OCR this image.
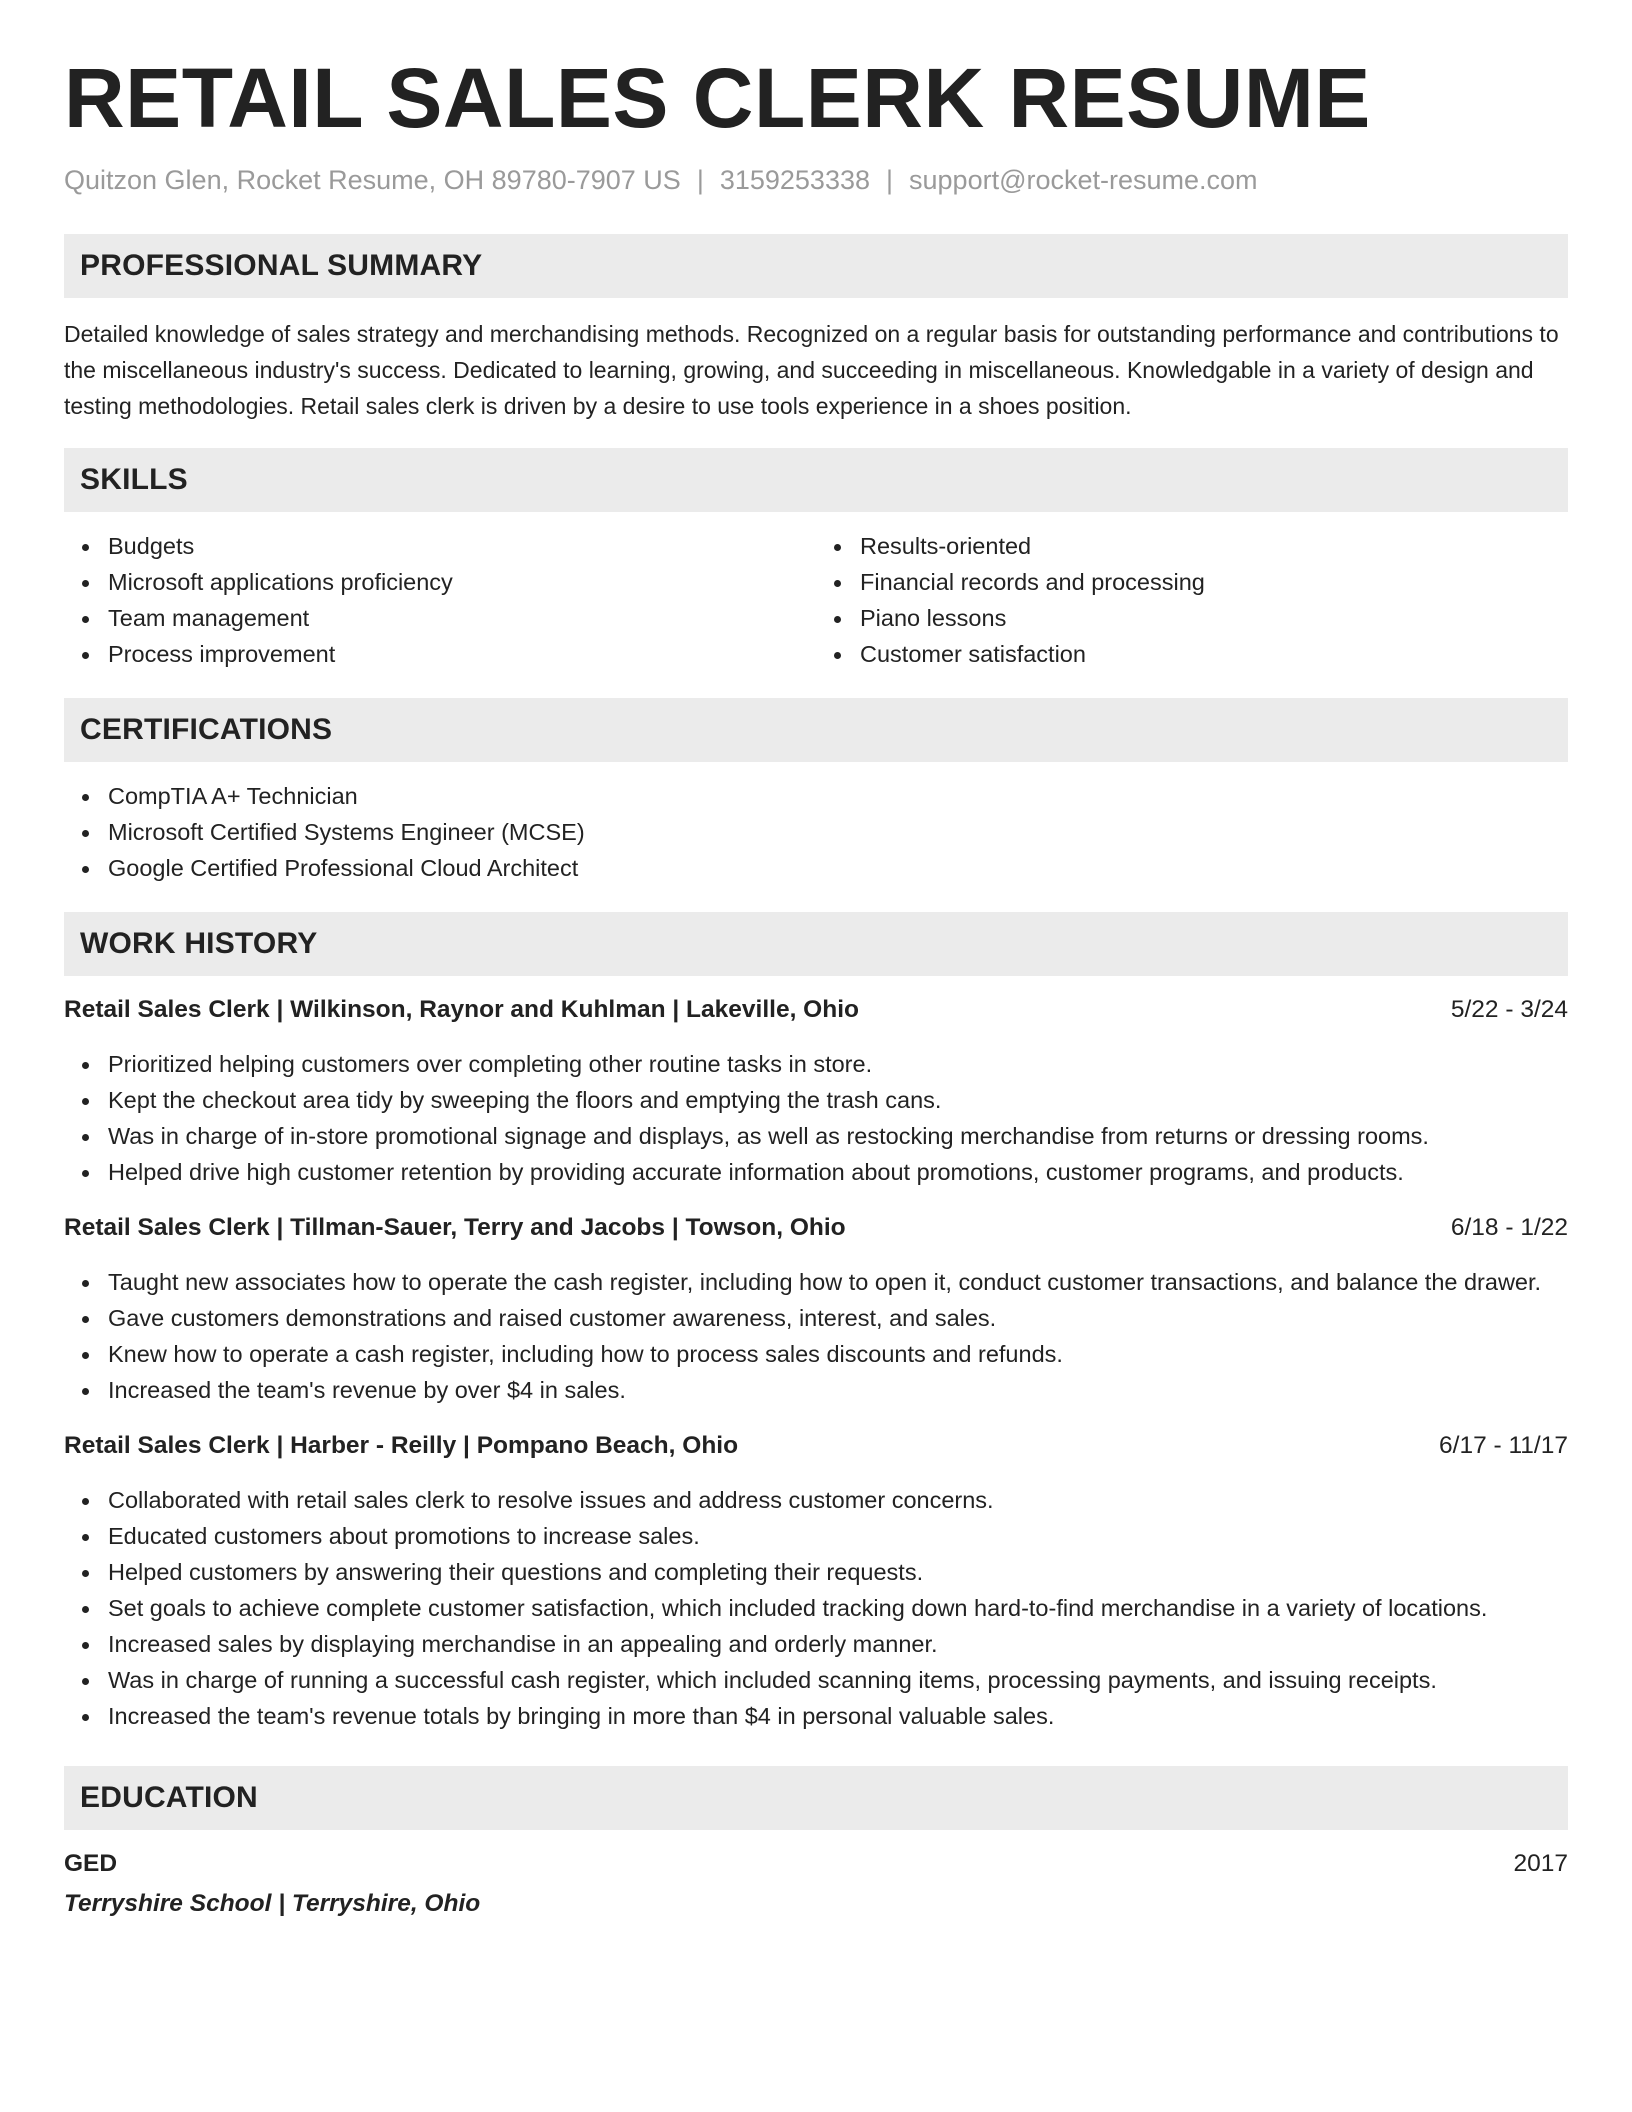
RETAIL SALES CLERK RESUME
Quitzon Glen, Rocket Resume, OH 89780-7907 US | 3159253338 | support@rocket-resume.com
PROFESSIONAL SUMMARY

Detailed knowledge of sales strategy and merchandising methods. Recognized on a regular basis for outstanding performance and contributions to the miscellaneous industry's success. Dedicated to learning, growing, and succeeding in miscellaneous. Knowledgable in a variety of design and testing methodologies. Retail sales clerk is driven by a desire to use tools experience in a shoes position.

SKILLS
Budgets
Microsoft applications proficiency
Team management
Process improvement
Results-oriented
Financial records and processing
Piano lessons
Customer satisfaction
CERTIFICATIONS
CompTIA A+ Technician
Microsoft Certified Systems Engineer (MCSE)
Google Certified Professional Cloud Architect
WORK HISTORY
Retail Sales Clerk | Wilkinson, Raynor and Kuhlman | Lakeville, Ohio	5/22 - 3/24
Prioritized helping customers over completing other routine tasks in store.
Kept the checkout area tidy by sweeping the floors and emptying the trash cans.
Was in charge of in-store promotional signage and displays, as well as restocking merchandise from returns or dressing rooms.
Helped drive high customer retention by providing accurate information about promotions, customer programs, and products.
Retail Sales Clerk | Tillman-Sauer, Terry and Jacobs | Towson, Ohio	6/18 - 1/22
Taught new associates how to operate the cash register, including how to open it, conduct customer transactions, and balance the drawer.
Gave customers demonstrations and raised customer awareness, interest, and sales.
Knew how to operate a cash register, including how to process sales discounts and refunds.
Increased the team's revenue by over $4 in sales.
Retail Sales Clerk | Harber - Reilly | Pompano Beach, Ohio	6/17 - 11/17
Collaborated with retail sales clerk to resolve issues and address customer concerns.
Educated customers about promotions to increase sales.
Helped customers by answering their questions and completing their requests.
Set goals to achieve complete customer satisfaction, which included tracking down hard-to-find merchandise in a variety of locations.
Increased sales by displaying merchandise in an appealing and orderly manner.
Was in charge of running a successful cash register, which included scanning items, processing payments, and issuing receipts.
Increased the team's revenue totals by bringing in more than $4 in personal valuable sales.
EDUCATION
GED	2017
Terryshire School | Terryshire, Ohio
